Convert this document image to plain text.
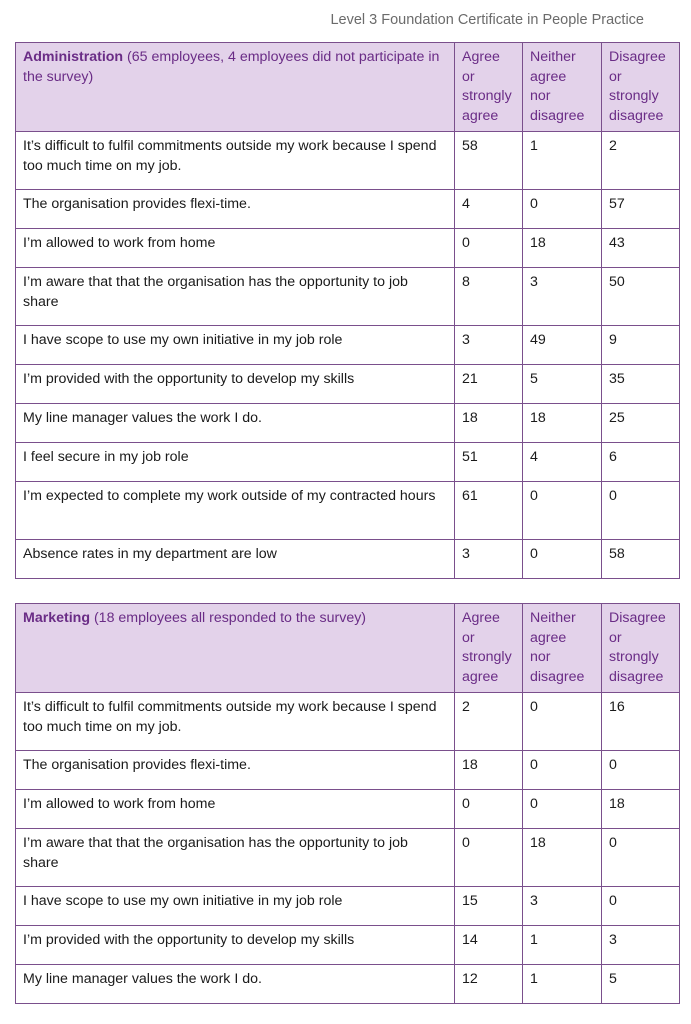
Level 3 Foundation Certificate in People Practice
Administration (65 employees, 4 employees did not participate in the survey)	Agree
or
strongly
agree	Neither
agree
nor
disagree	Disagree
or
strongly
disagree

It’s difficult to fulfil commitments outside my work because I spend too much time on my job.	58	1	2
The organisation provides flexi-time.	4	0	57
I’m allowed to work from home	0	18	43
I’m aware that that the organisation has the opportunity to job share	8	3	50
I have scope to use my own initiative in my job role	3	49	9
I’m provided with the opportunity to develop my skills	21	5	35
My line manager values the work I do.	18	18	25
I feel secure in my job role	51	4	6
I’m expected to complete my work outside of my contracted hours	61	0	0
Absence rates in my department are low	3	0	58
Marketing (18 employees all responded to the survey)	Agree
or
strongly
agree	Neither
agree
nor
disagree	Disagree
or
strongly
disagree

It’s difficult to fulfil commitments outside my work because I spend too much time on my job.	2	0	16
The organisation provides flexi-time.	18	0	0
I’m allowed to work from home	0	0	18
I’m aware that that the organisation has the opportunity to job share	0	18	0
I have scope to use my own initiative in my job role	15	3	0
I’m provided with the opportunity to develop my skills	14	1	3
My line manager values the work I do.	12	1	5
